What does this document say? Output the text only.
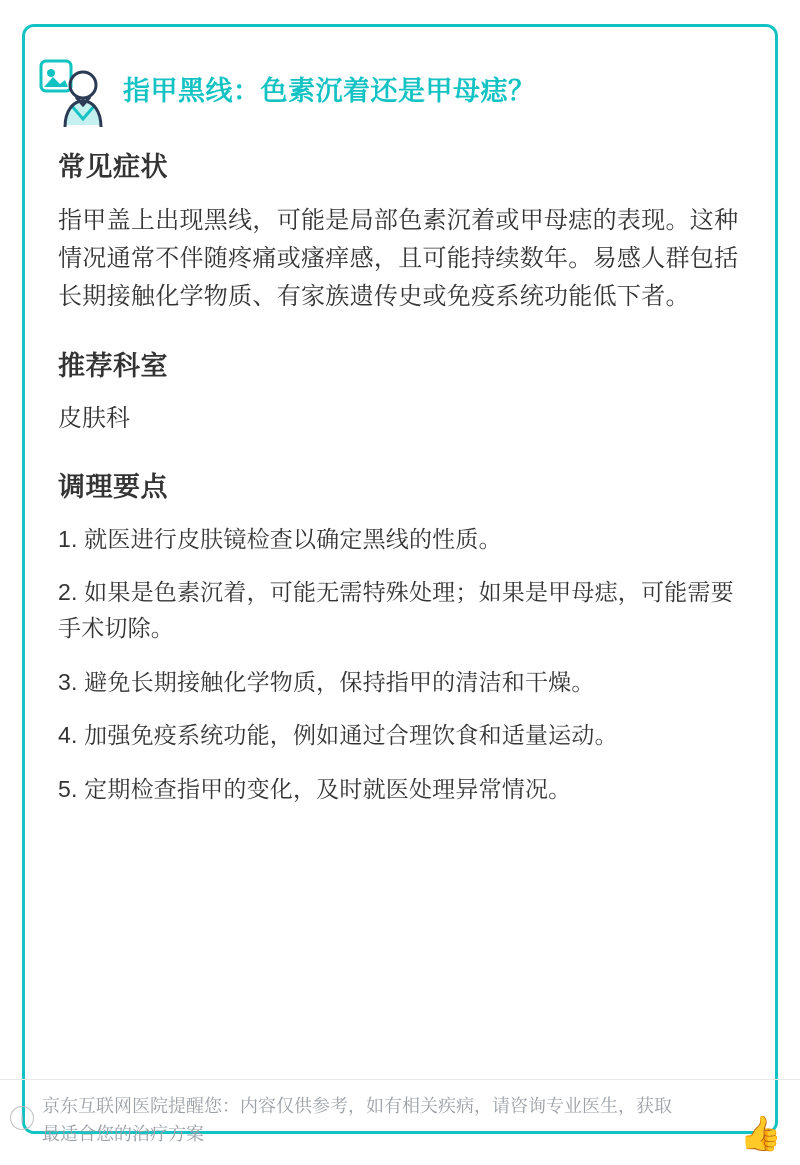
指甲黑线：色素沉着还是甲母痣？
常见症状

指甲盖上出现黑线，可能是局部色素沉着或甲母痣的表现。这种情况通常不伴随疼痛或瘙痒感，且可能持续数年。易感人群包括长期接触化学物质、有家族遗传史或免疫系统功能低下者。

推荐科室

皮肤科

调理要点
1. 就医进行皮肤镜检查以确定黑线的性质。
2. 如果是色素沉着，可能无需特殊处理；如果是甲母痣，可能需要手术切除。
3. 避免长期接触化学物质，保持指甲的清洁和干燥。
4. 加强免疫系统功能，例如通过合理饮食和适量运动。
5. 定期检查指甲的变化，及时就医处理异常情况。
i
京东互联网医院提醒您：内容仅供参考，如有相关疾病，请咨询专业医生，获取最适合您的治疗方案	👍
